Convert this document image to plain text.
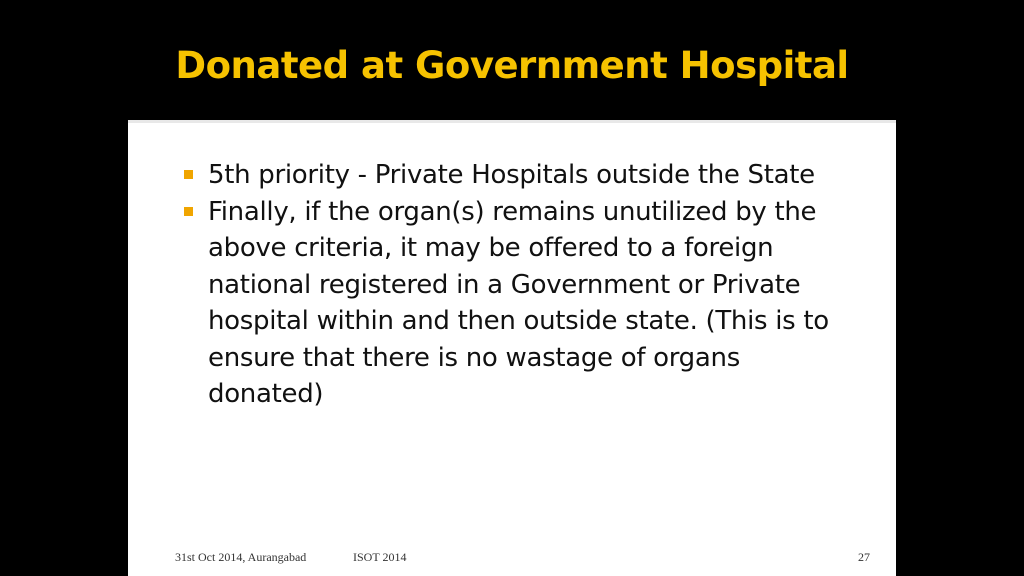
Donated at Government Hospital
5th priority - Private Hospitals outside the State
Finally, if the organ(s) remains unutilized by the above criteria, it may be offered to a foreign national registered in a Government or Private hospital within and then outside state. (This is to ensure that there is no wastage of organs donated)
31st Oct 2014, Aurangabad	ISOT 2014	27
